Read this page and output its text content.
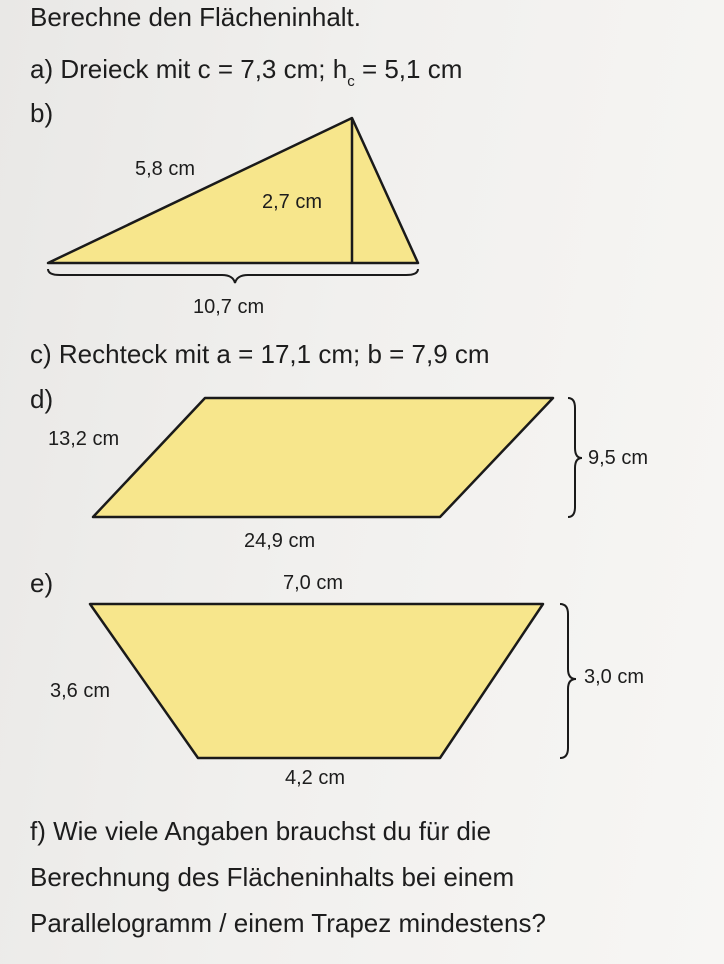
Berechne den Flächeninhalt.
a) Dreieck mit c = 7,3 cm; $h_c = 5,1$ cm
b)
5,8 cm
2,7 cm
10,7 cm
c) Rechteck mit a = 17,1 cm; b = 7,9 cm
d)
13,2 cm
9,5 cm
24,9 cm
e)	7,0 cm
3,6 cm
3,0 cm
4,2 cm
f) Wie viele Angaben brauchst du für die
Berechnung des Flächeninhalts bei einem
Parallelogramm / einem Trapez mindestens?
